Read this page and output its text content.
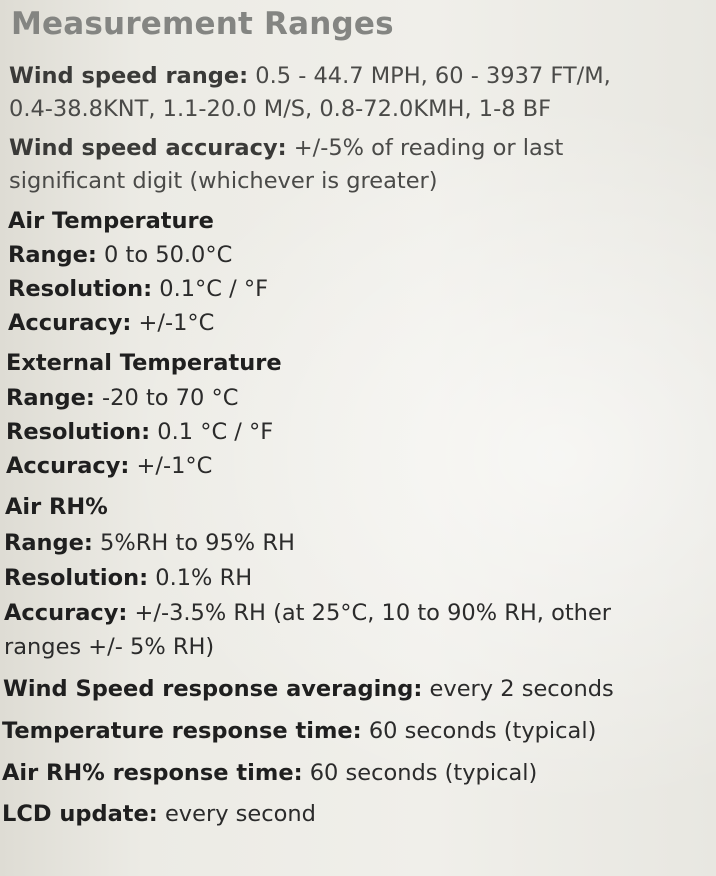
Measurement Ranges
Wind speed range: 0.5 - 44.7 MPH, 60 - 3937 FT/M,
0.4-38.8KNT, 1.1-20.0 M/S, 0.8-72.0KMH, 1-8 BF
Wind speed accuracy: +/-5% of reading or last
significant digit (whichever is greater)
Air Temperature
Range: 0 to 50.0°C
Resolution: 0.1°C / °F
Accuracy: +/-1°C
External Temperature
Range: -20 to 70 °C
Resolution: 0.1 °C / °F
Accuracy: +/-1°C
Air RH%
Range: 5%RH to 95% RH
Resolution: 0.1% RH
Accuracy: +/-3.5% RH (at 25°C, 10 to 90% RH, other
ranges +/- 5% RH)
Wind Speed response averaging: every 2 seconds
Temperature response time: 60 seconds (typical)
Air RH% response time: 60 seconds (typical)
LCD update: every second
